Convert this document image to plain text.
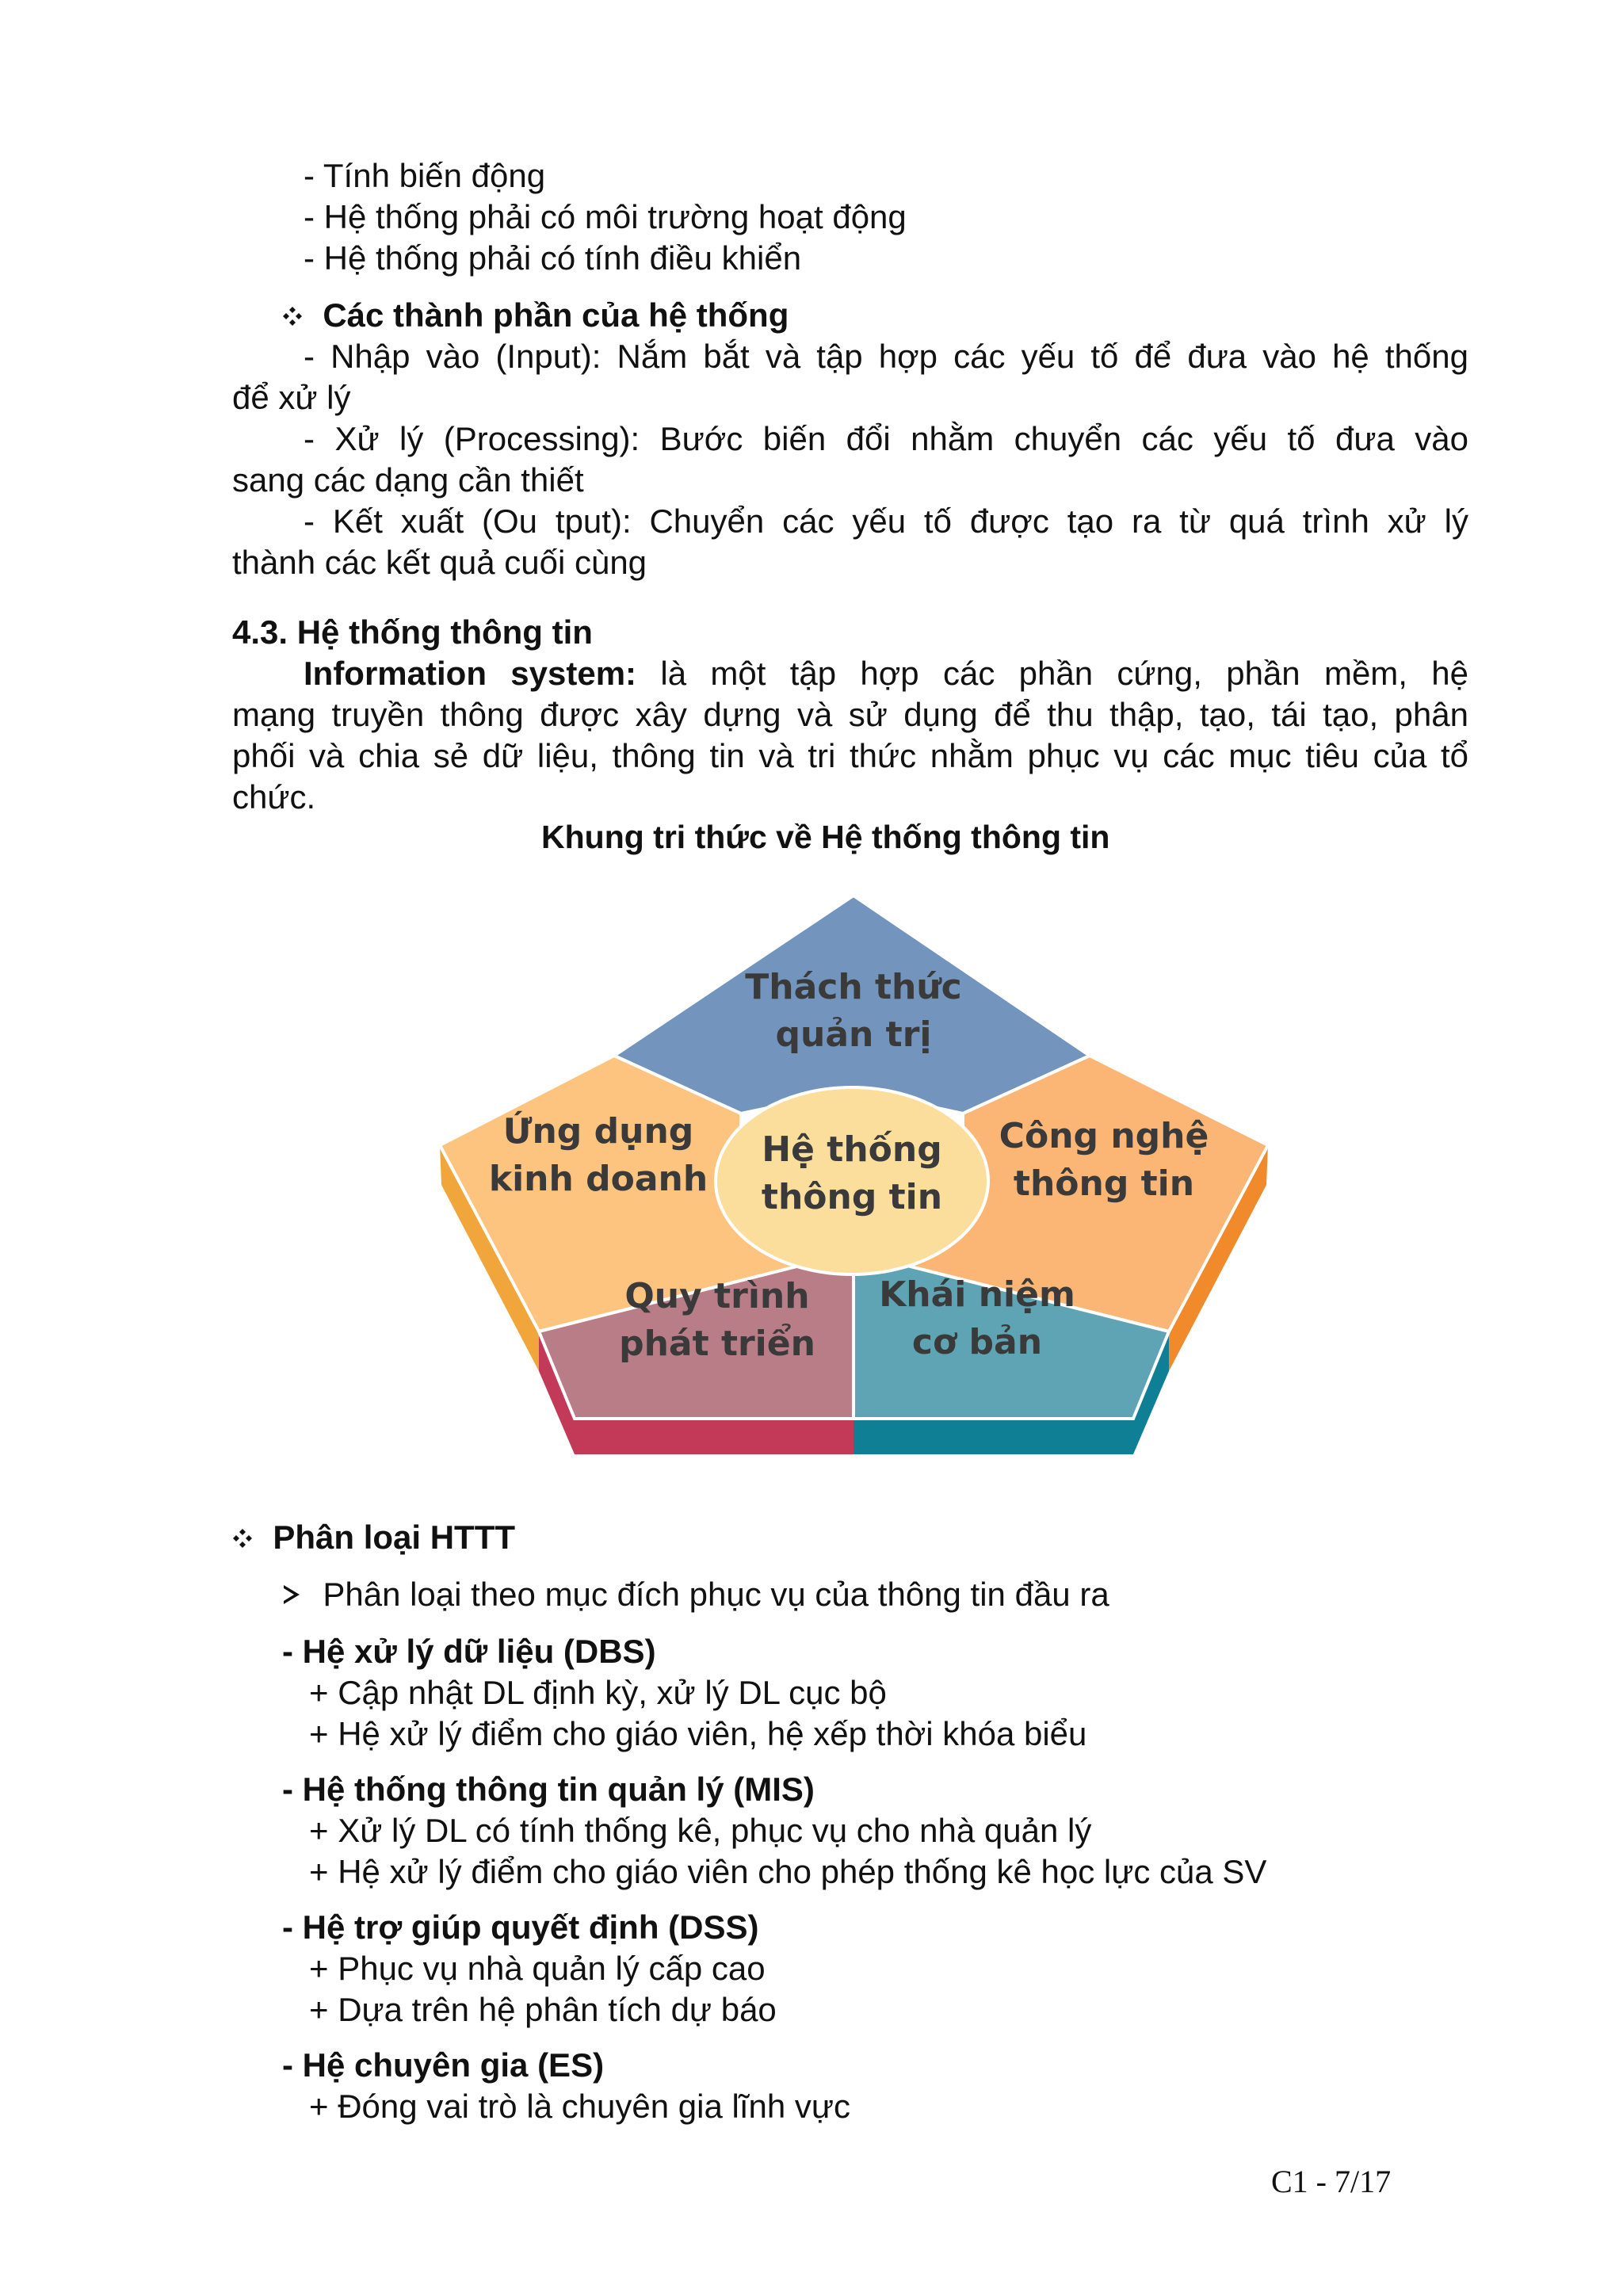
- Tính biến động
- Hệ thống phải có môi trường hoạt động
- Hệ thống phải có tính điều khiển
Các thành phần của hệ thống
- Nhập vào (Input): Nắm bắt và tập hợp các yếu tố để đưa vào hệ thống
để xử lý
- Xử lý (Processing): Bước biến đổi nhằm chuyển các yếu tố đưa vào
sang các dạng cần thiết
- Kết xuất (Ou tput): Chuyển các yếu tố được tạo ra từ quá trình xử lý
thành các kết quả cuối cùng
4.3. Hệ thống thông tin
Information system: là một tập hợp các phần cứng, phần mềm, hệ
mạng truyền thông được xây dựng và sử dụng để thu thập, tạo, tái tạo, phân
phối và chia sẻ dữ liệu, thông tin và tri thức nhằm phục vụ các mục tiêu của tổ
chức.
Khung tri thức về Hệ thống thông tin
Thách thức
quản trị
Ứng dụng
kinh doanh
Hệ thống
thông tin
Công nghệ
thông tin
Quy trình
phát triển
Khái niệm
cơ bản
Phân loại HTTT
Phân loại theo mục đích phục vụ của thông tin đầu ra
- Hệ xử lý dữ liệu (DBS)
+ Cập nhật DL định kỳ, xử lý DL cục bộ
+ Hệ xử lý điểm cho giáo viên, hệ xếp thời khóa biểu
- Hệ thống thông tin quản lý (MIS)
+ Xử lý DL có tính thống kê, phục vụ cho nhà quản lý
+ Hệ xử lý điểm cho giáo viên cho phép thống kê học lực của SV
- Hệ trợ giúp quyết định (DSS)
+ Phục vụ nhà quản lý cấp cao
+ Dựa trên hệ phân tích dự báo
- Hệ chuyên gia (ES)
+ Đóng vai trò là chuyên gia lĩnh vực
C1 - 7/17
